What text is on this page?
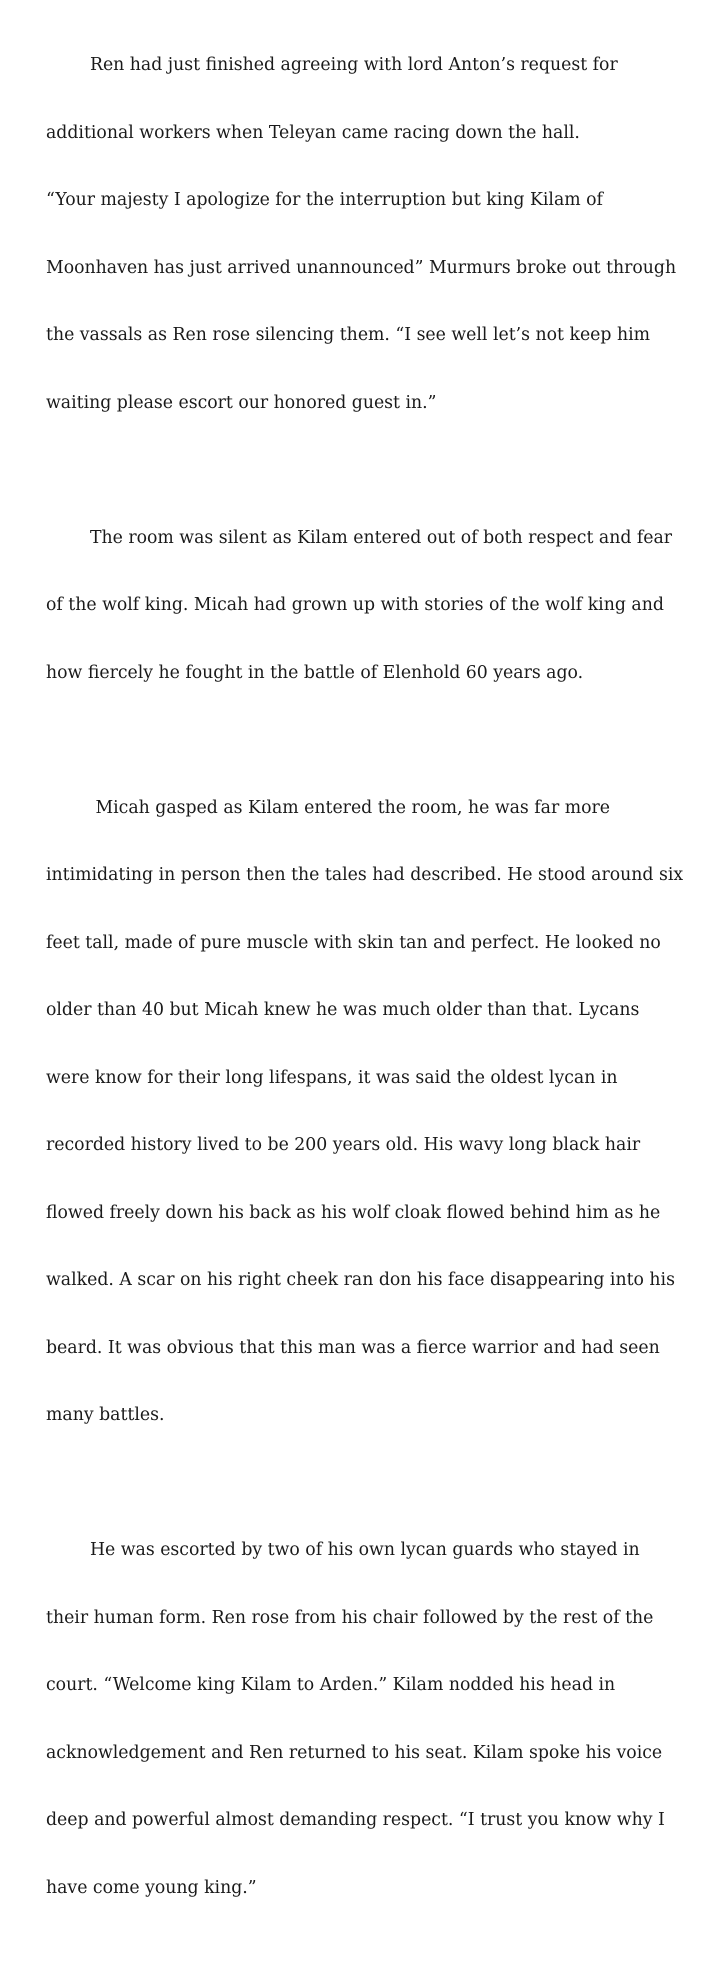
Ren had just finished agreeing with lord Anton’s request for

additional workers when Teleyan came racing down the hall.

“Your majesty I apologize for the interruption but king Kilam of

Moonhaven has just arrived unannounced” Murmurs broke out through

the vassals as Ren rose silencing them. “I see well let’s not keep him

waiting please escort our honored guest in.”

The room was silent as Kilam entered out of both respect and fear

of the wolf king. Micah had grown up with stories of the wolf king and

how fiercely he fought in the battle of Elenhold 60 years ago.

Micah gasped as Kilam entered the room, he was far more

intimidating in person then the tales had described. He stood around six

feet tall, made of pure muscle with skin tan and perfect. He looked no

older than 40 but Micah knew he was much older than that. Lycans

were know for their long lifespans, it was said the oldest lycan in

recorded history lived to be 200 years old. His wavy long black hair

flowed freely down his back as his wolf cloak flowed behind him as he

walked. A scar on his right cheek ran don his face disappearing into his

beard. It was obvious that this man was a fierce warrior and had seen

many battles.

He was escorted by two of his own lycan guards who stayed in

their human form. Ren rose from his chair followed by the rest of the

court. “Welcome king Kilam to Arden.” Kilam nodded his head in

acknowledgement and Ren returned to his seat. Kilam spoke his voice

deep and powerful almost demanding respect. “I trust you know why I

have come young king.”
